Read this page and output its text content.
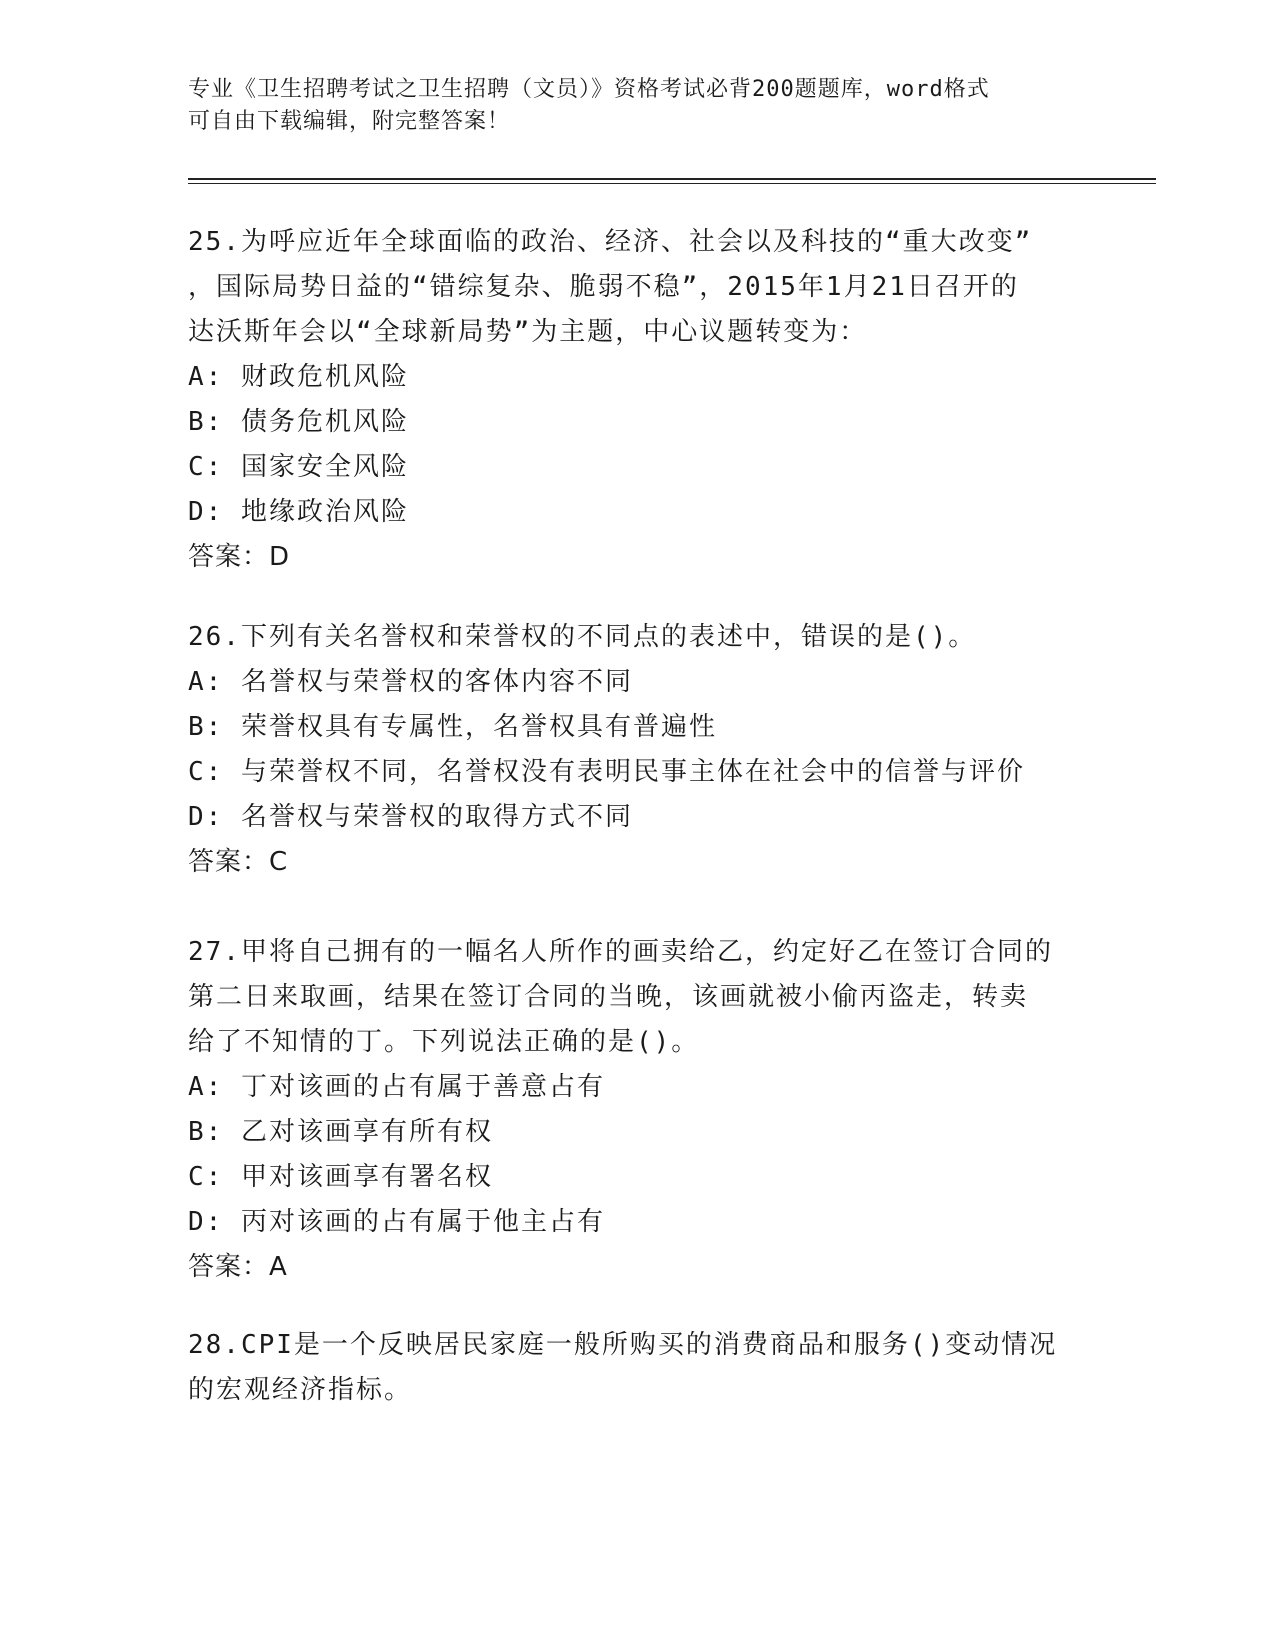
专业《卫生招聘考试之卫生招聘（文员）》资格考试必背200题题库，word格式
可自由下载编辑，附完整答案！
25.为呼应近年全球面临的政治、经济、社会以及科技的“重大改变”
，国际局势日益的“错综复杂、脆弱不稳”，2015年1月21日召开的
达沃斯年会以“全球新局势”为主题，中心议题转变为：
A: 财政危机风险
B: 债务危机风险
C: 国家安全风险
D: 地缘政治风险
答案：D
26.下列有关名誉权和荣誉权的不同点的表述中，错误的是()。
A: 名誉权与荣誉权的客体内容不同
B: 荣誉权具有专属性，名誉权具有普遍性
C: 与荣誉权不同，名誉权没有表明民事主体在社会中的信誉与评价
D: 名誉权与荣誉权的取得方式不同
答案：C
27.甲将自己拥有的一幅名人所作的画卖给乙，约定好乙在签订合同的
第二日来取画，结果在签订合同的当晚，该画就被小偷丙盗走，转卖
给了不知情的丁。下列说法正确的是()。
A: 丁对该画的占有属于善意占有
B: 乙对该画享有所有权
C: 甲对该画享有署名权
D: 丙对该画的占有属于他主占有
答案：A
28.CPI是一个反映居民家庭一般所购买的消费商品和服务()变动情况
的宏观经济指标。
